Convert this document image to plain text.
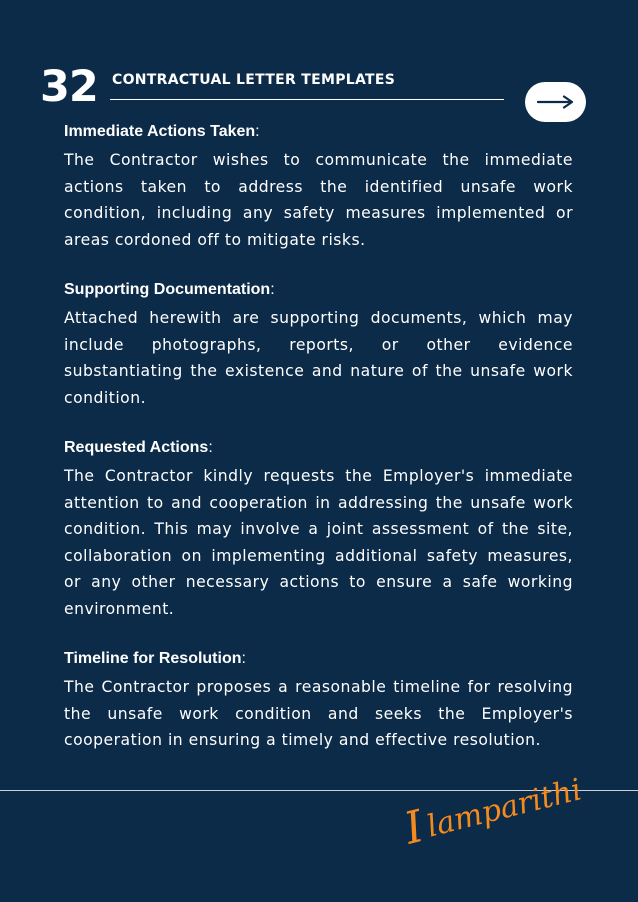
32 CONTRACTUAL LETTER TEMPLATES

Immediate Actions Taken:

The Contractor wishes to communicate the immediate actions taken to address the identified unsafe work condition, including any safety measures implemented or areas cordoned off to mitigate risks.

Supporting Documentation:

Attached herewith are supporting documents, which may include photographs, reports, or other evidence substantiating the existence and nature of the unsafe work condition.

Requested Actions:

The Contractor kindly requests the Employer's immediate attention to and cooperation in addressing the unsafe work condition. This may involve a joint assessment of the site, collaboration on implementing additional safety measures, or any other necessary actions to ensure a safe working environment.

Timeline for Resolution:

The Contractor proposes a reasonable timeline for resolving the unsafe work condition and seeks the Employer's cooperation in ensuring a timely and effective resolution.

I
lamparithi
